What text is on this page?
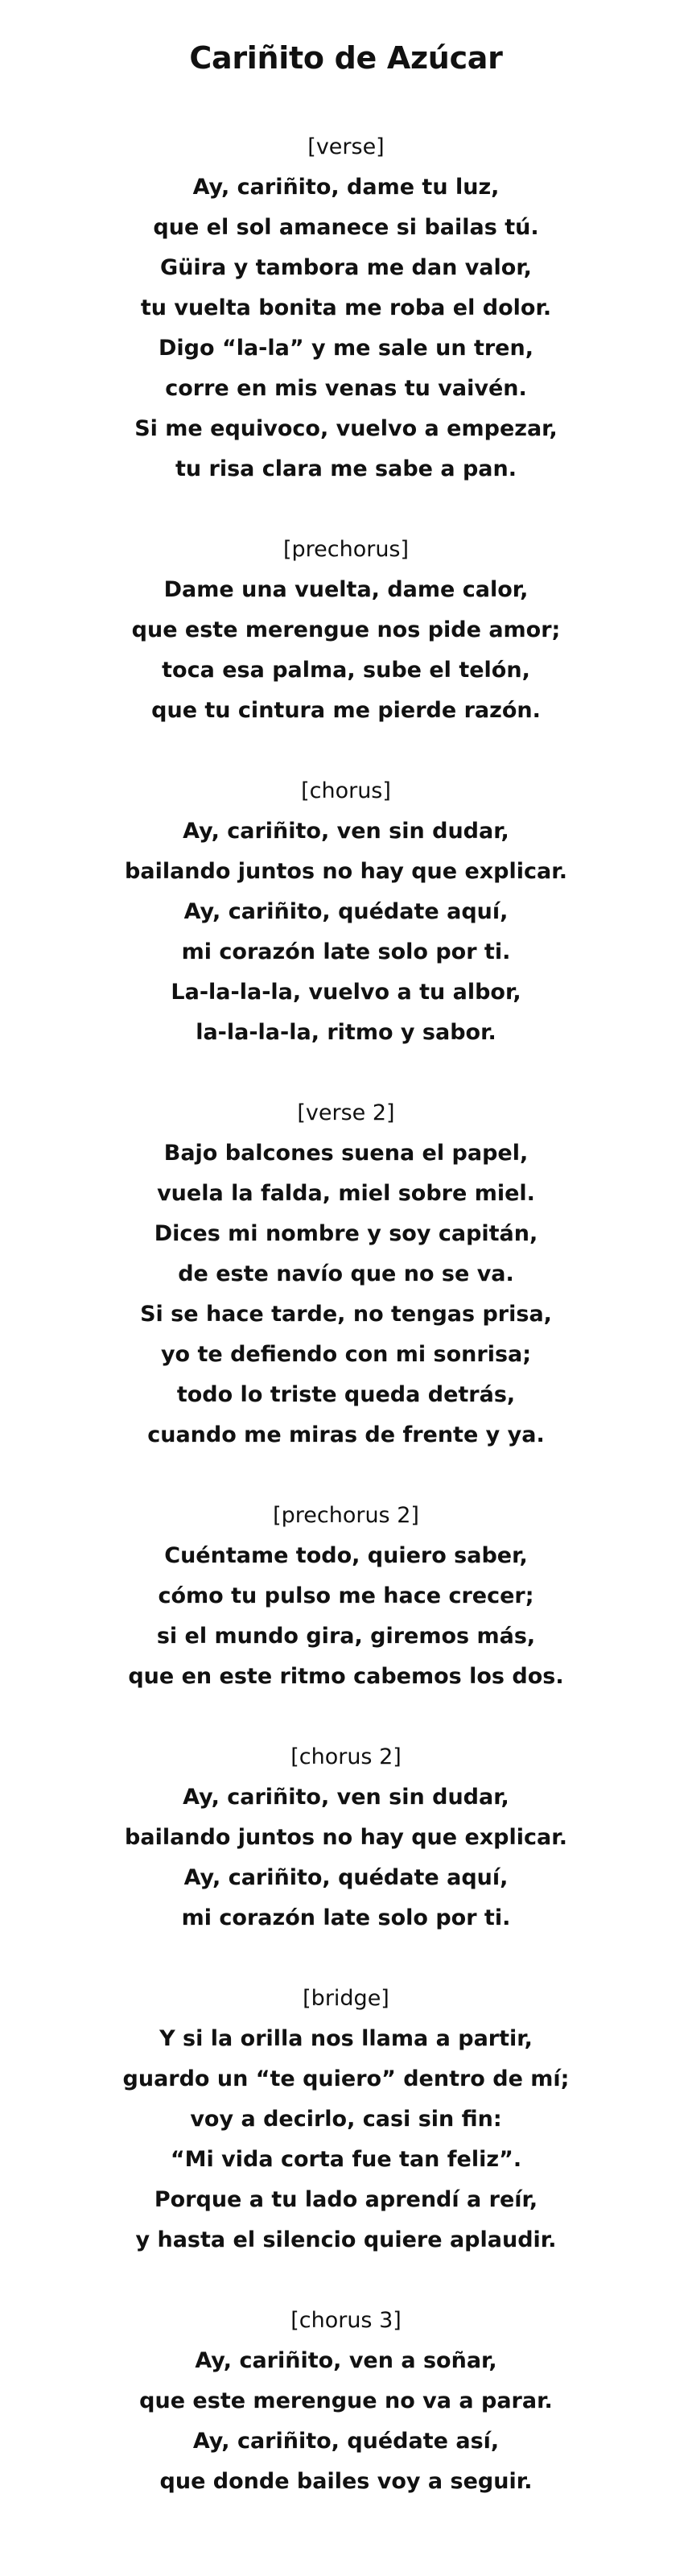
Cariñito de Azúcar

[verse]

Ay, cariñito, dame tu luz,

que el sol amanece si bailas tú.

Güira y tambora me dan valor,

tu vuelta bonita me roba el dolor.

Digo “la-la” y me sale un tren,

corre en mis venas tu vaivén.

Si me equivoco, vuelvo a empezar,

tu risa clara me sabe a pan.

[prechorus]

Dame una vuelta, dame calor,

que este merengue nos pide amor;

toca esa palma, sube el telón,

que tu cintura me pierde razón.

[chorus]

Ay, cariñito, ven sin dudar,

bailando juntos no hay que explicar.

Ay, cariñito, quédate aquí,

mi corazón late solo por ti.

La-la-la-la, vuelvo a tu albor,

la-la-la-la, ritmo y sabor.

[verse 2]

Bajo balcones suena el papel,

vuela la falda, miel sobre miel.

Dices mi nombre y soy capitán,

de este navío que no se va.

Si se hace tarde, no tengas prisa,

yo te defiendo con mi sonrisa;

todo lo triste queda detrás,

cuando me miras de frente y ya.

[prechorus 2]

Cuéntame todo, quiero saber,

cómo tu pulso me hace crecer;

si el mundo gira, giremos más,

que en este ritmo cabemos los dos.

[chorus 2]

Ay, cariñito, ven sin dudar,

bailando juntos no hay que explicar.

Ay, cariñito, quédate aquí,

mi corazón late solo por ti.

[bridge]

Y si la orilla nos llama a partir,

guardo un “te quiero” dentro de mí;

voy a decirlo, casi sin fin:

“Mi vida corta fue tan feliz”.

Porque a tu lado aprendí a reír,

y hasta el silencio quiere aplaudir.

[chorus 3]

Ay, cariñito, ven a soñar,

que este merengue no va a parar.

Ay, cariñito, quédate así,

que donde bailes voy a seguir.
